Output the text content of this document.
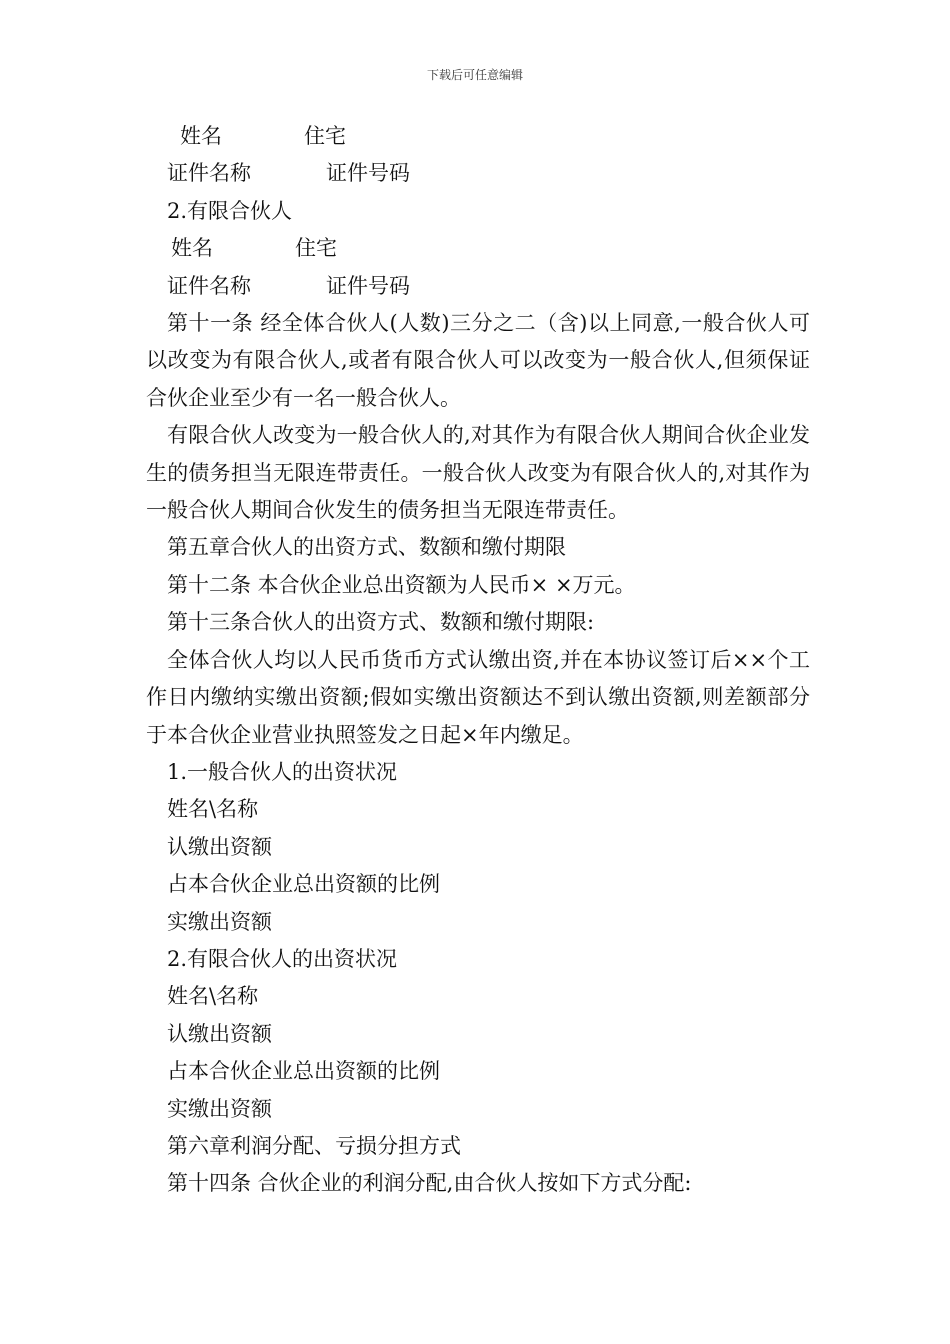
下载后可任意编辑
姓名	住宅
证件名称	证件号码
2.有限合伙人
姓名	住宅
证件名称	证件号码
第十一条 经全体合伙人(人数)三分之二（含)以上同意,一般合伙人可以改变为有限合伙人,或者有限合伙人可以改变为一般合伙人,但须保证合伙企业至少有一名一般合伙人。
有限合伙人改变为一般合伙人的,对其作为有限合伙人期间合伙企业发生的债务担当无限连带责任。一般合伙人改变为有限合伙人的,对其作为一般合伙人期间合伙发生的债务担当无限连带责任。
第五章合伙人的出资方式、数额和缴付期限
第十二条 本合伙企业总出资额为人民币× ×万元。
第十三条合伙人的出资方式、数额和缴付期限:
全体合伙人均以人民币货币方式认缴出资,并在本协议签订后××个工作日内缴纳实缴出资额;假如实缴出资额达不到认缴出资额,则差额部分于本合伙企业营业执照签发之日起×年内缴足。
1.一般合伙人的出资状况
姓名\名称
认缴出资额
占本合伙企业总出资额的比例
实缴出资额
2.有限合伙人的出资状况
姓名\名称
认缴出资额
占本合伙企业总出资额的比例
实缴出资额
第六章利润分配、亏损分担方式
第十四条 合伙企业的利润分配,由合伙人按如下方式分配:
